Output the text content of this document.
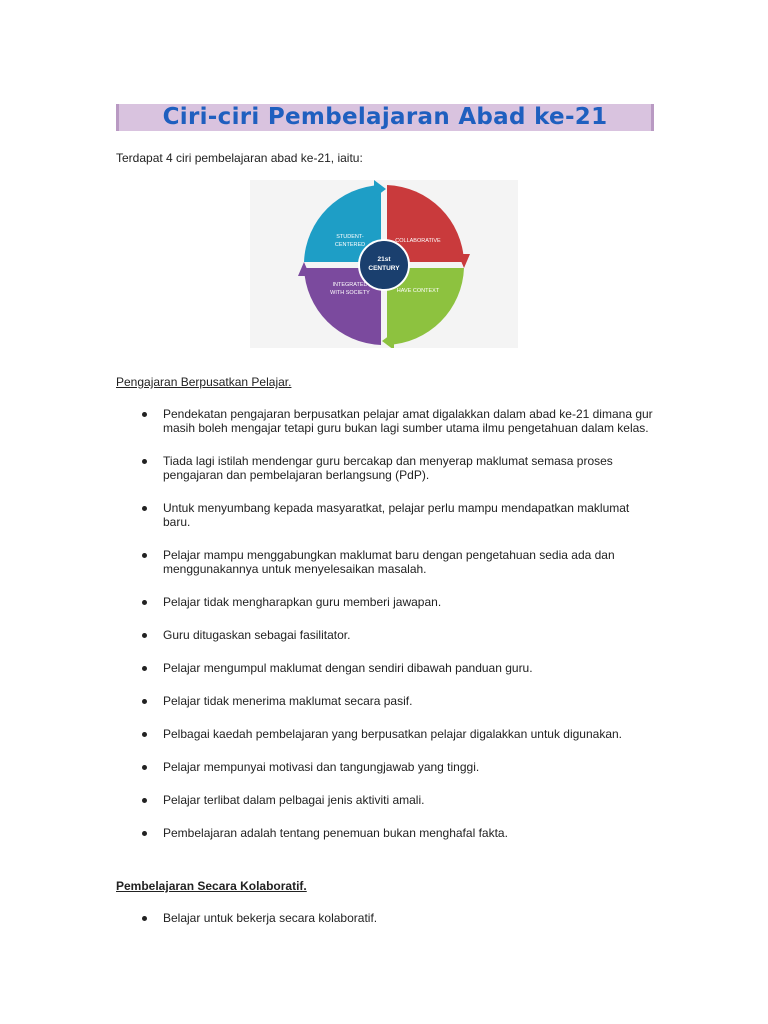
Ciri-ciri Pembelajaran Abad ke-21

Terdapat 4 ciri pembelajaran abad ke-21, iaitu:

21st
CENTURY
STUDENT-
CENTERED
COLLABORATIVE
HAVE CONTEXT
INTEGRATED
WITH SOCIETY

Pengajaran Berpusatkan Pelajar.

Pendekatan pengajaran berpusatkan pelajar amat digalakkan dalam abad ke-21 dimana gur masih boleh mengajar tetapi guru bukan lagi sumber utama ilmu pengetahuan dalam kelas.
Tiada lagi istilah mendengar guru bercakap dan menyerap maklumat semasa proses pengajaran dan pembelajaran berlangsung (PdP).
Untuk menyumbang kepada masyaratkat, pelajar perlu mampu mendapatkan maklumat baru.
Pelajar mampu menggabungkan maklumat baru dengan pengetahuan sedia ada dan menggunakannya untuk menyelesaikan masalah.
Pelajar tidak mengharapkan guru memberi jawapan.
Guru ditugaskan sebagai fasilitator.
Pelajar mengumpul maklumat dengan sendiri dibawah panduan guru.
Pelajar tidak menerima maklumat secara pasif.
Pelbagai kaedah pembelajaran yang berpusatkan pelajar digalakkan untuk digunakan.
Pelajar mempunyai motivasi dan tangungjawab yang tinggi.
Pelajar terlibat dalam pelbagai jenis aktiviti amali.
Pembelajaran adalah tentang penemuan bukan menghafal fakta.

Pembelajaran Secara Kolaboratif.

Belajar untuk bekerja secara kolaboratif.
